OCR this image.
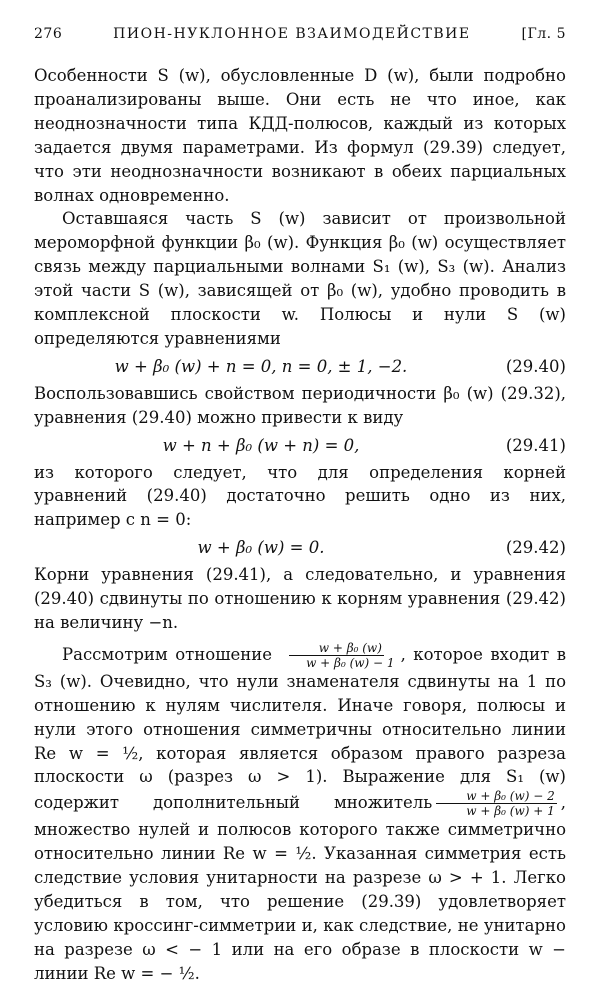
276	ПИОН-НУКЛОННОЕ ВЗАИМОДЕЙСТВИЕ	[Гл. 5

Особенности S (w), обусловленные D (w), были подробно проанализированы выше. Они есть не что иное, как неоднозначности типа КДД-полюсов, каждый из которых задается двумя параметрами. Из формул (29.39) следует, что эти неоднозначности возникают в обеих парциальных волнах одновременно.

Оставшаяся часть S (w) зависит от произвольной мероморфной функции β₀ (w). Функция β₀ (w) осуществляет связь между парциальными волнами S₁ (w), S₃ (w). Анализ этой части S (w), зависящей от β₀ (w), удобно проводить в комплексной плоскости w. Полюсы и нули S (w) определяются уравнениями

w + β₀ (w) + n = 0, n = 0, ± 1, −2.	(29.40)

Воспользовавшись свойством периодичности β₀ (w) (29.32), уравнения (29.40) можно привести к виду

w + n + β₀ (w + n) = 0,	(29.41)

из которого следует, что для определения корней уравнений (29.40) достаточно решить одно из них, например с n = 0:

w + β₀ (w) = 0.	(29.42)

Корни уравнения (29.41), а следовательно, и уравнения (29.40) сдвинуты по отношению к корням уравнения (29.42) на величину −n.

Рассмотрим отношение $\frac{\text{w + β₀ (w)}}{\text{w + β₀ (w) − 1}}$ , которое входит в S₃ (w). Очевидно, что нули знаменателя сдвинуты на 1 по отношению к нулям числителя. Иначе говоря, полюсы и нули этого отношения симметричны относительно линии Re w = ½, которая является образом правого разреза плоскости ω (разрез ω > 1). Выражение для S₁ (w) содержит дополнительный множитель $\frac{\text{w + β₀ (w) − 2}}{\text{w + β₀ (w) + 1}}$ , множество нулей и полюсов которого также симметрично относительно линии Re w = ½. Указанная симметрия есть следствие условия унитарности на разрезе ω > + 1. Легко убедиться в том, что решение (29.39) удовлетворяет условию кроссинг-симметрии и, как следствие, не унитарно на разрезе ω < − 1 или на его образе в плоскости w − линии Re w = − ½.
